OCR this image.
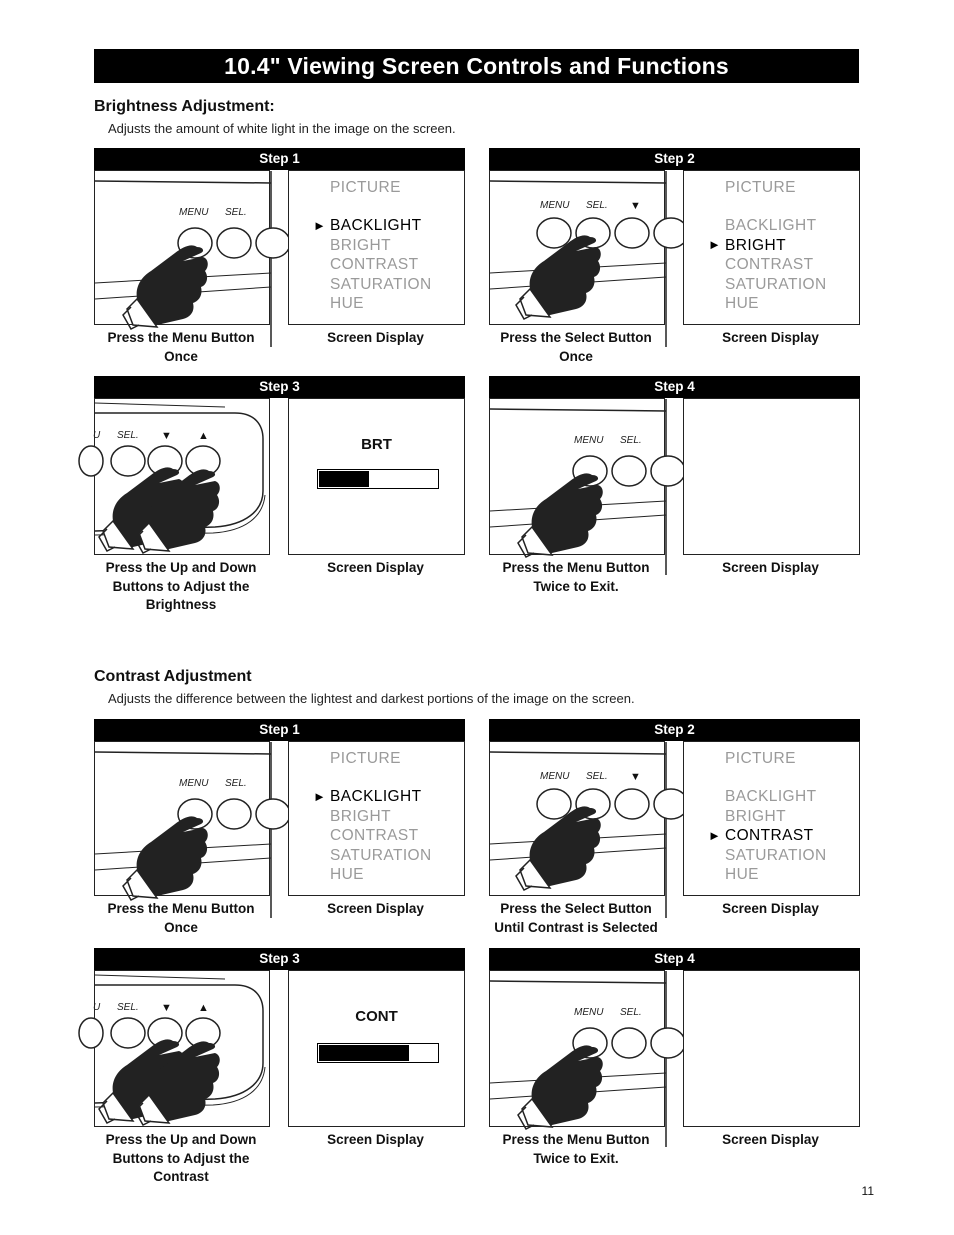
10.4" Viewing Screen Controls and Functions
Brightness Adjustment:
Adjusts the amount of white light in the image on the screen.
Step 1
MENU SEL.
PICTURE
BACKLIGHT
BRIGHT
CONTRAST
SATURATION
HUE
►
Press the Menu Button Once
Screen Display
Step 2
MENU SEL. ▼
PICTURE
BACKLIGHT
BRIGHT
CONTRAST
SATURATION
HUE
►
Press the Select Button Once
Screen Display
Step 3
U SEL. ▼ ▲	BRT
Press the Up and Down Buttons to Adjust the Brightness
Screen Display
Step 4
MENU SEL.
Press the Menu Button Twice to Exit.
Screen Display
Contrast Adjustment
Adjusts the difference between the lightest and darkest portions of the image on the screen.
Step 1
MENU SEL.
PICTURE
BACKLIGHT
BRIGHT
CONTRAST
SATURATION
HUE
►
Press the Menu Button Once
Screen Display
Step 2
MENU SEL. ▼
PICTURE
BACKLIGHT
BRIGHT
CONTRAST
SATURATION
HUE
►
Press the Select Button Until Contrast is Selected
Screen Display
Step 3
U SEL. ▼ ▲	CONT
Press the Up and Down Buttons to Adjust the Contrast
Screen Display
Step 4
MENU SEL.
Press the Menu Button Twice to Exit.
Screen Display
11
